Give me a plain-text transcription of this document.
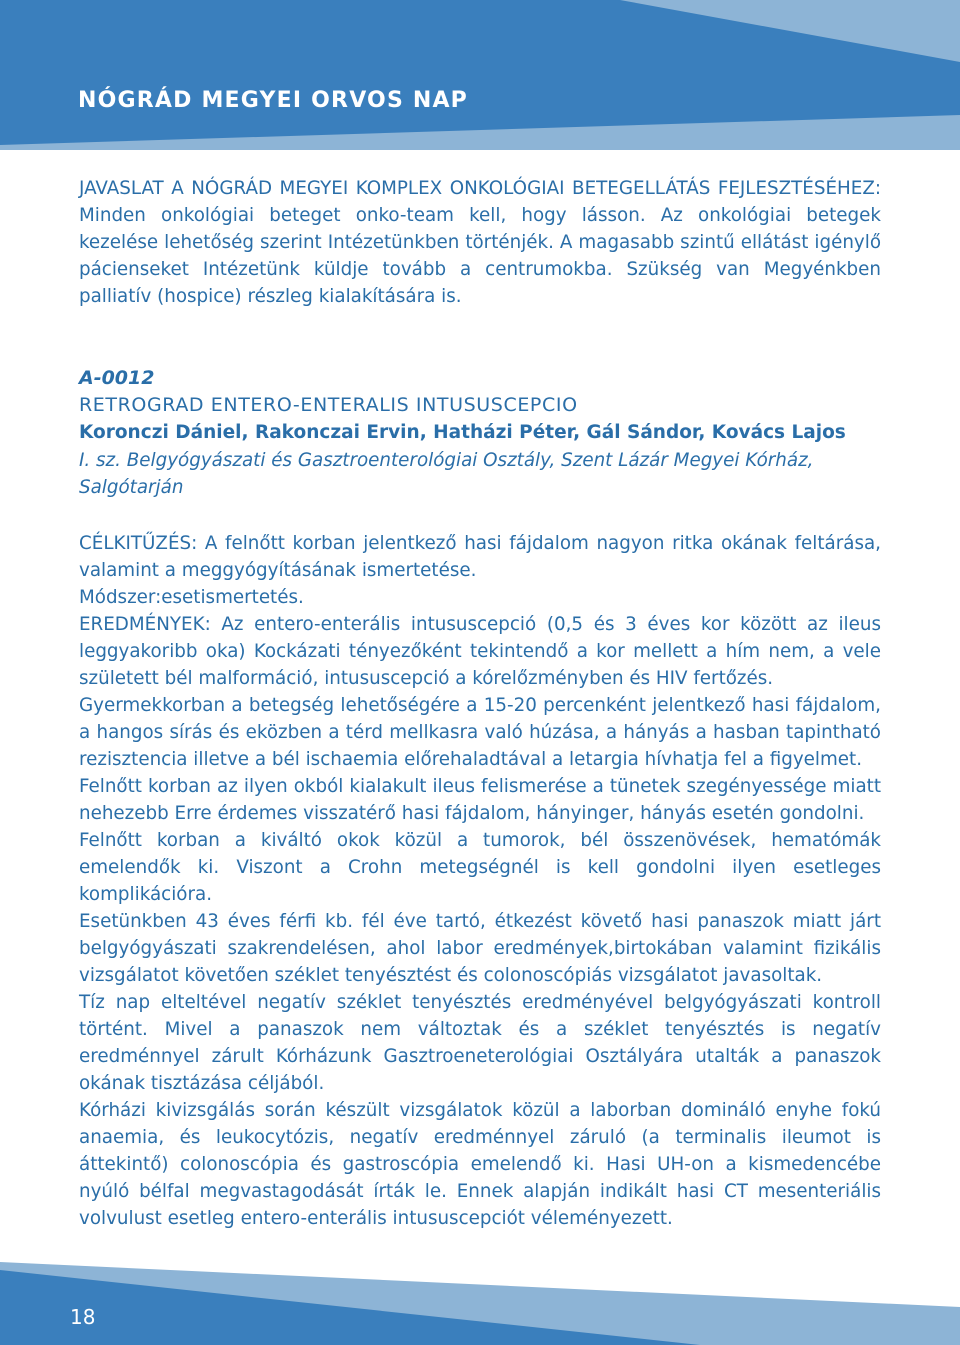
NÓGRÁD MEGYEI ORVOS NAP

JAVASLAT A NÓGRÁD MEGYEI KOMPLEX ONKOLÓGIAI BETEGELLÁTÁS FEJLESZTÉSÉHEZ: Minden onkológiai beteget onko-team kell, hogy lásson. Az onkológiai betegek kezelése lehetőség szerint Intézetünkben történjék. A magasabb szintű ellátást igénylő pácienseket Intézetünk küldje tovább a centrumokba. Szükség van Megyénkben palliatív (hospice) részleg kialakítására is.

A-0012
RETROGRAD ENTERO-ENTERALIS INTUSUSCEPCIO
Koronczi Dániel, Rakonczai Ervin, Hatházi Péter, Gál Sándor, Kovács Lajos
I. sz. Belgyógyászati és Gasztroenterológiai Osztály, Szent Lázár Megyei Kórház, Salgótarján

CÉLKITŰZÉS: A felnőtt korban jelentkező hasi fájdalom nagyon ritka okának feltárása, valamint a meggyógyításának ismertetése.

Módszer:esetismertetés.

EREDMÉNYEK: Az entero-enterális intususcepció (0,5 és 3 éves kor között az ileus leggyakoribb oka) Kockázati tényezőként tekintendő a kor mellett a hím nem, a vele született bél malformáció, intususcepció a kórelőzményben és HIV fertőzés.

Gyermekkorban a betegség lehetőségére a 15-20 percenként jelentkező hasi fájdalom, a hangos sírás és eközben a térd mellkasra való húzása, a hányás a hasban tapintható rezisztencia illetve a bél ischaemia előrehaladtával a letargia hívhatja fel a figyelmet.

Felnőtt korban az ilyen okból kialakult ileus felismerése a tünetek szegényessége miatt nehezebb Erre érdemes visszatérő hasi fájdalom, hányinger, hányás esetén gondolni.

Felnőtt korban a kiváltó okok közül a tumorok, bél összenövések, hematómák emelendők ki. Viszont a Crohn metegségnél is kell gondolni ilyen esetleges komplikációra.

Esetünkben 43 éves férfi kb. fél éve tartó, étkezést követő hasi panaszok miatt járt belgyógyászati szakrendelésen, ahol labor eredmények,birtokában valamint fizikális vizsgálatot követően széklet tenyésztést és colonoscópiás vizsgálatot javasoltak.

Tíz nap elteltével negatív széklet tenyésztés eredményével belgyógyászati kontroll történt. Mivel a panaszok nem változtak és a széklet tenyésztés is negatív eredménnyel zárult Kórházunk Gasztroeneterológiai Osztályára utalták a panaszok okának tisztázása céljából.

Kórházi kivizsgálás során készült vizsgálatok közül a laborban domináló enyhe fokú anaemia, és leukocytózis, negatív eredménnyel záruló (a terminalis ileumot is áttekintő) colonoscópia és gastroscópia emelendő ki. Hasi UH-on a kismedencébe nyúló bélfal megvastagodását írták le. Ennek alapján indikált hasi CT mesenteriális volvulust esetleg entero-enterális intususcepciót véleményezett.

18
